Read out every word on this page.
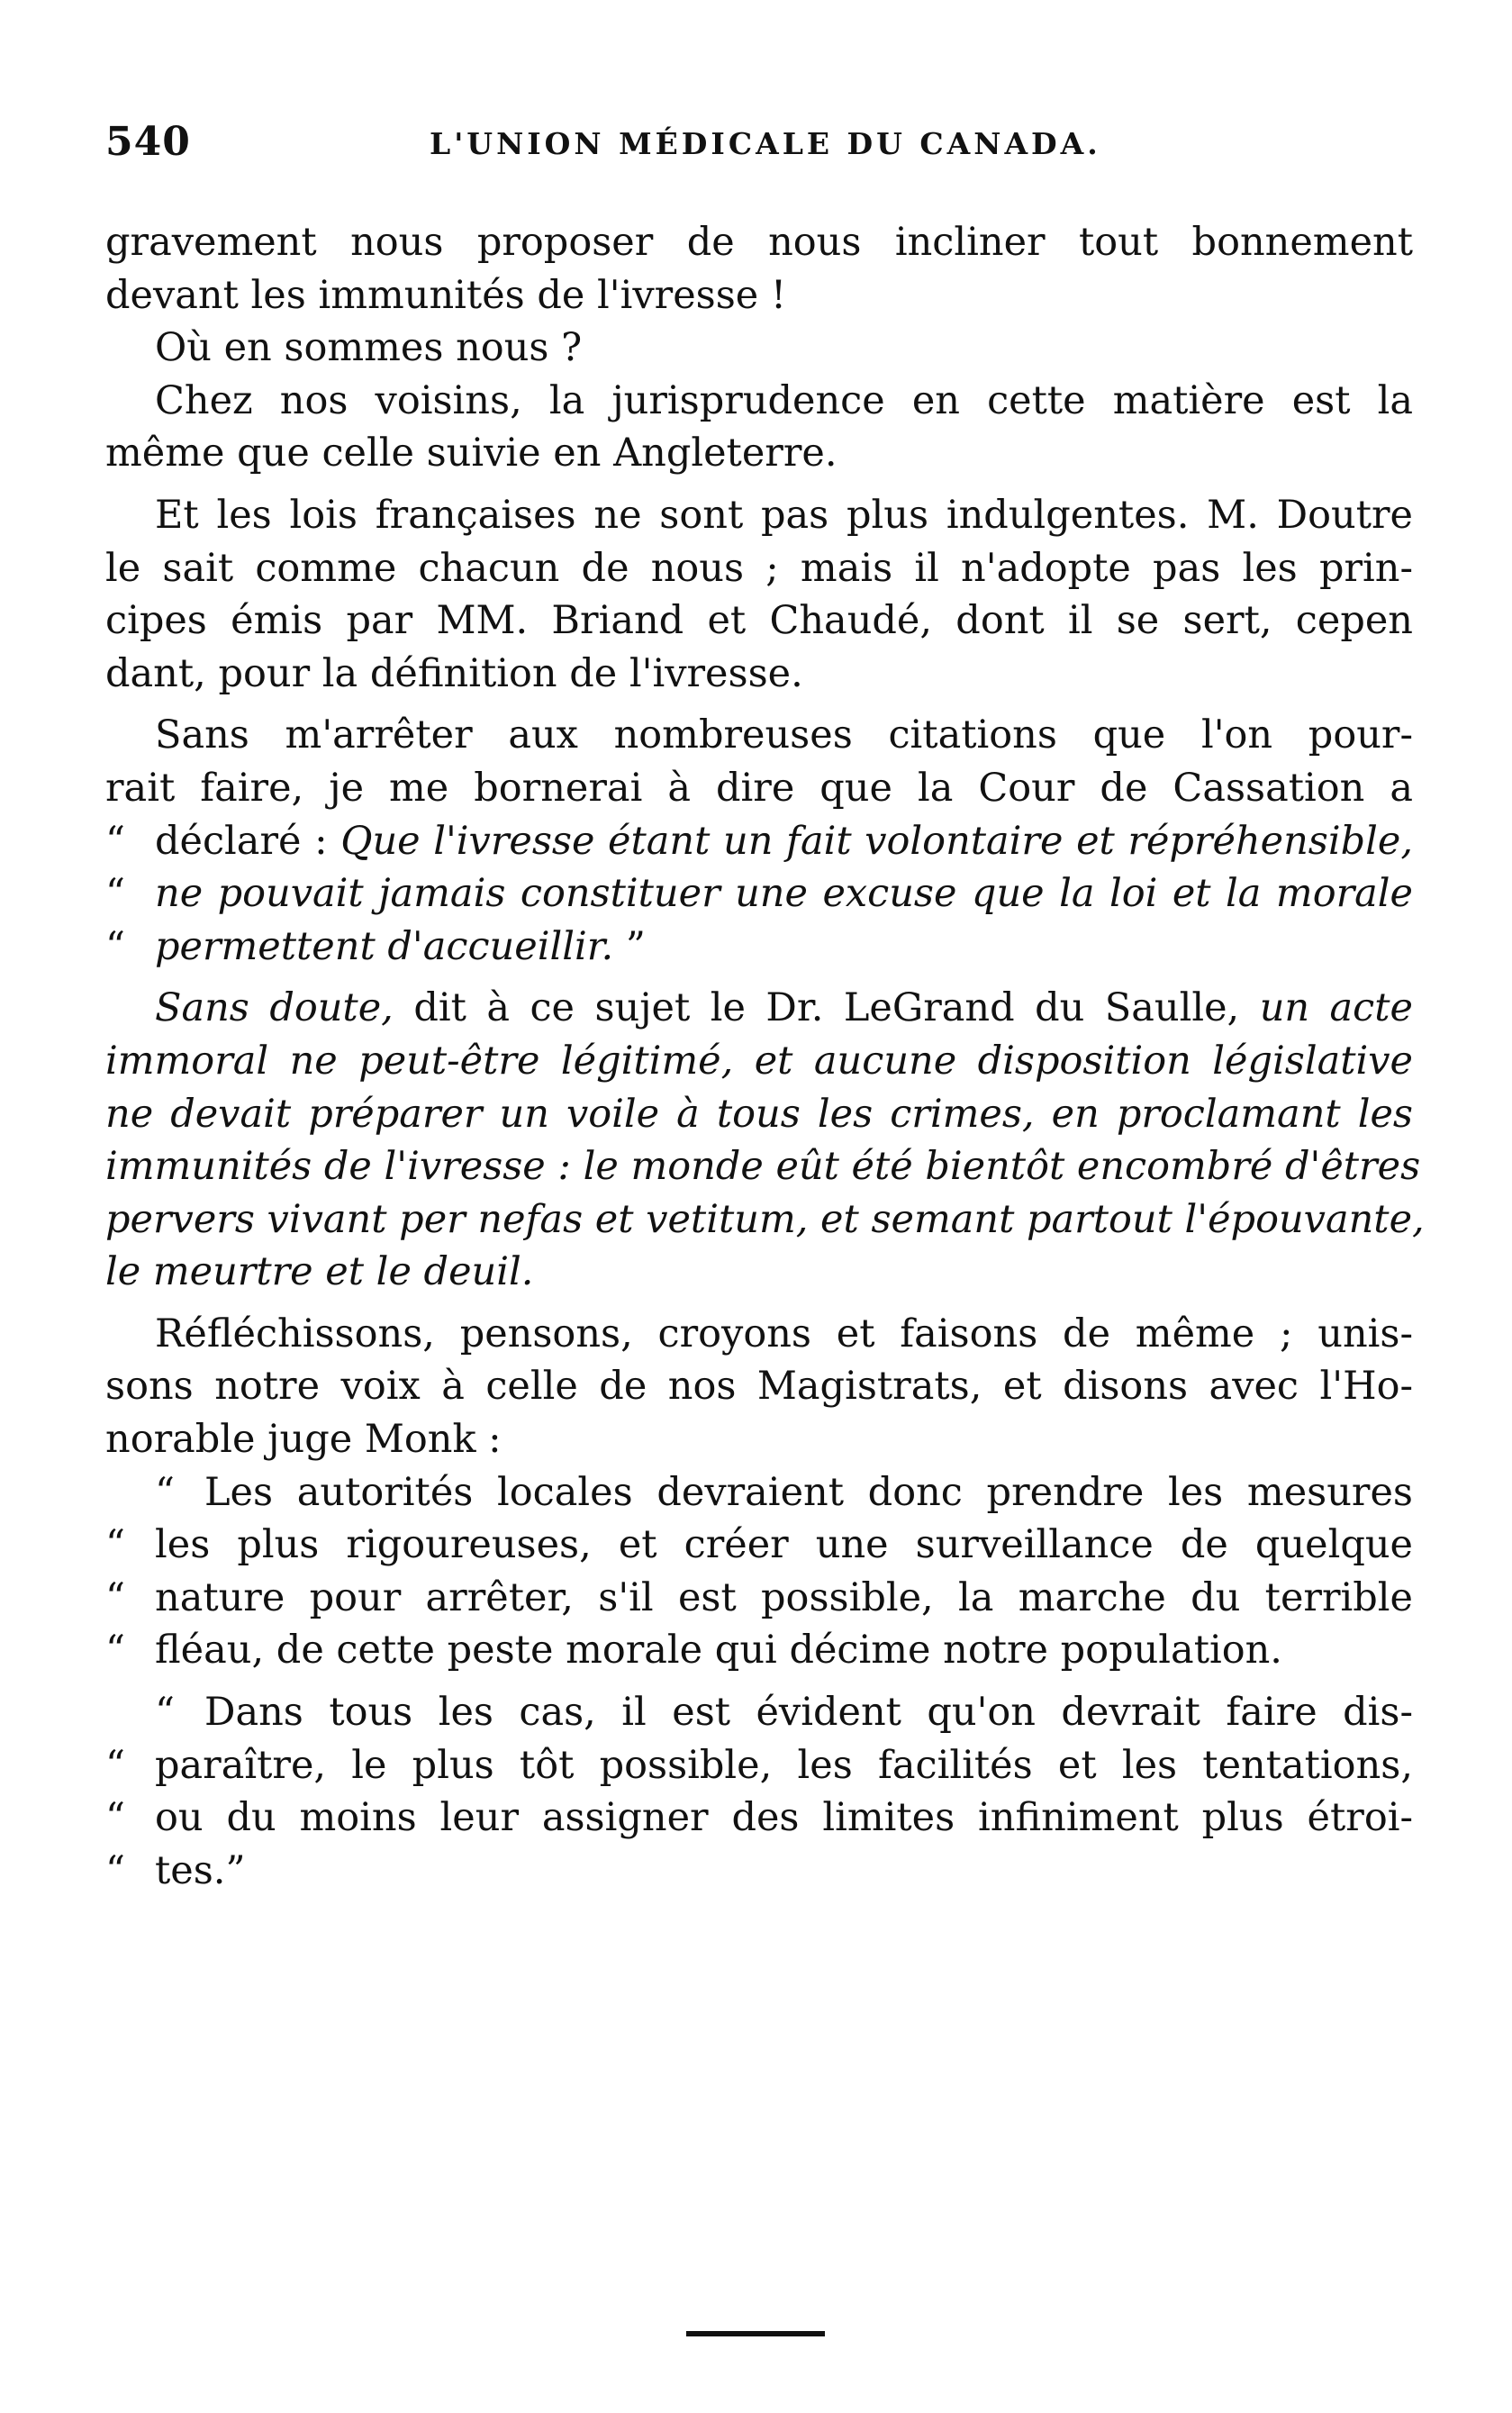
540	L'UNION MÉDICALE DU CANADA.
gravement nous proposer de nous incliner tout bonnement
devant les immunités de l'ivresse !
Où en sommes nous ?
Chez nos voisins, la jurisprudence en cette matière est la
même que celle suivie en Angleterre.
Et les lois françaises ne sont pas plus indulgentes. M. Doutre
le sait comme chacun de nous ; mais il n'adopte pas les prin-
cipes émis par MM. Briand et Chaudé, dont il se sert, cepen
dant, pour la définition de l'ivresse.
Sans m'arrêter aux nombreuses citations que l'on pour-
rait faire, je me bornerai à dire que la Cour de Cassation a
“ déclaré : Que l'ivresse étant un fait volontaire et répréhensible,
“ ne pouvait jamais constituer une excuse que la loi et la morale
“ permettent d'accueillir. ”
Sans doute, dit à ce sujet le Dr. LeGrand du Saulle, un acte
immoral ne peut-être légitimé, et aucune disposition législative
ne devait préparer un voile à tous les crimes, en proclamant les
immunités de l'ivresse : le monde eût été bientôt encombré d'êtres
pervers vivant per nefas et vetitum, et semant partout l'épouvante,
le meurtre et le deuil.
Réfléchissons, pensons, croyons et faisons de même ; unis-
sons notre voix à celle de nos Magistrats, et disons avec l'Ho-
norable juge Monk :
“ Les autorités locales devraient donc prendre les mesures
“ les plus rigoureuses, et créer une surveillance de quelque
“ nature pour arrêter, s'il est possible, la marche du terrible
“ fléau, de cette peste morale qui décime notre population.
“ Dans tous les cas, il est évident qu'on devrait faire dis-
“ paraître, le plus tôt possible, les facilités et les tentations,
“ ou du moins leur assigner des limites infiniment plus étroi-
“ tes.”
